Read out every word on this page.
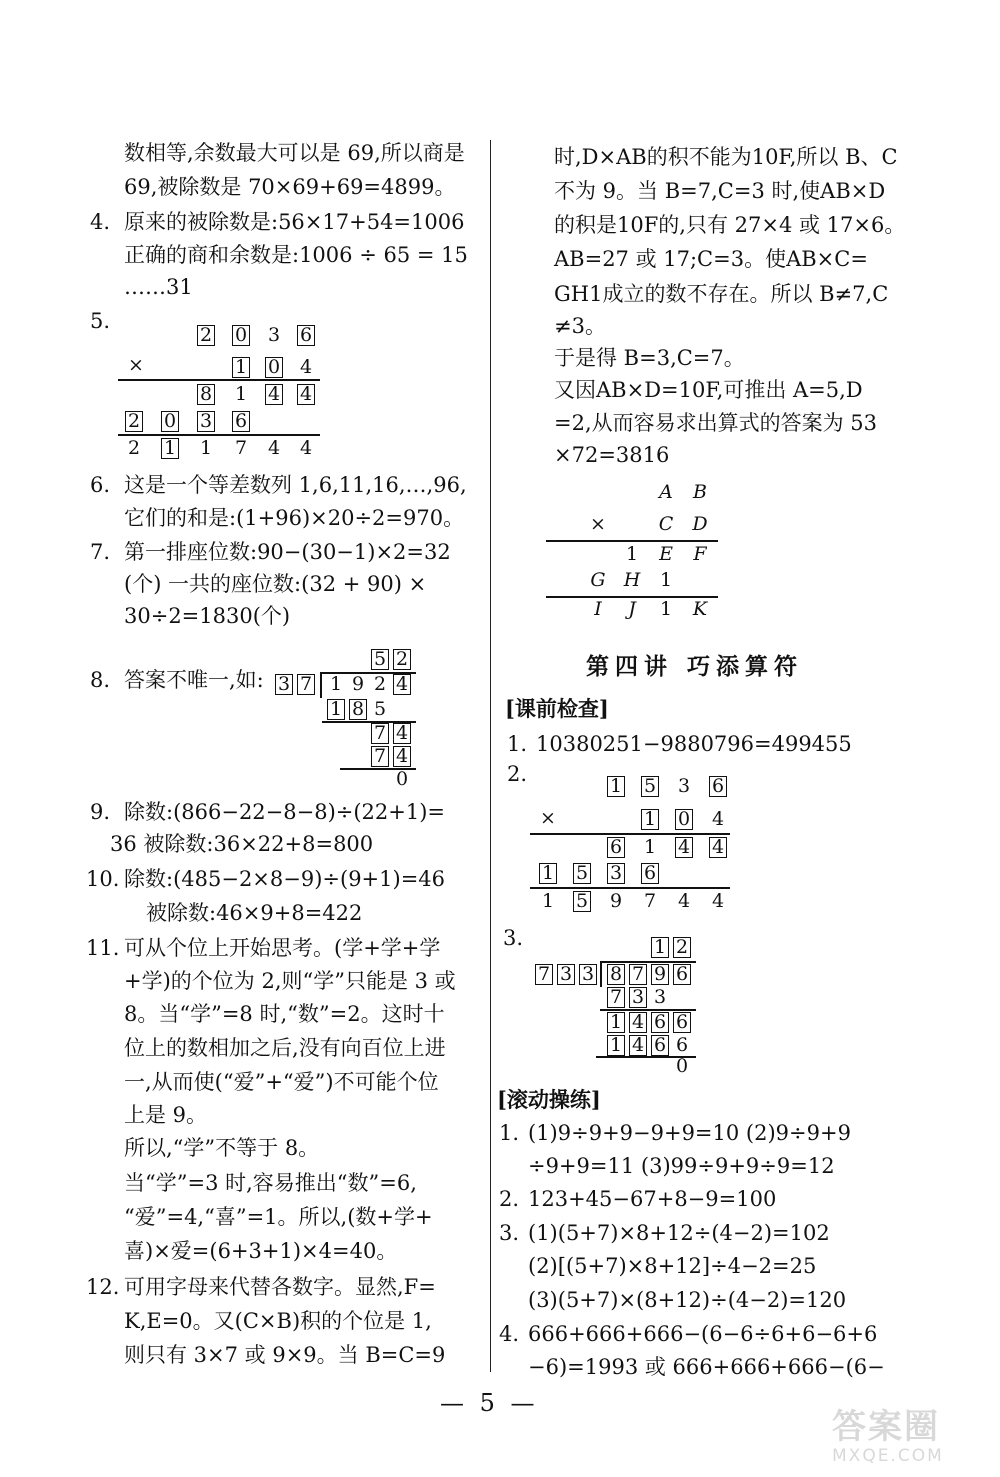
数相等,余数最大可以是 69,所以商是
69,被除数是 70×69+69=4899。
4. 原来的被除数是:56×17+54=1006
正确的商和余数是:1006 ÷ 65 = 15
……31
5.
2 0 3 6
×	1 0 4
8 1 4 4
2 0 3 6
2 1 1 7 4 4
6. 这是一个等差数列 1,6,11,16,…,96,
它们的和是:(1+96)×20÷2=970。
7. 第一排座位数:90−(30−1)×2=32
(个) 一共的座位数:(32 + 90) ×
30÷2=1830(个)
8. 答案不唯一,如:
5 2
3 7 1 9 2 4
1 8 5
7 4
7 4
0
9. 除数:(866−22−8−8)÷(22+1)=
36 被除数:36×22+8=800
10. 除数:(485−2×8−9)÷(9+1)=46
被除数:46×9+8=422
11. 可从个位上开始思考。(学+学+学
+学)的个位为 2,则“学”只能是 3 或
8。当“学”=8 时,“数”=2。这时十
位上的数相加之后,没有向百位上进
一,从而使(“爱”+“爱”)不可能个位
上是 9。
所以,“学”不等于 8。
当“学”=3 时,容易推出“数”=6,
“爱”=4,“喜”=1。所以,(数+学+
喜)×爱=(6+3+1)×4=40。
12. 可用字母来代替各数字。显然,F=
K,E=0。又(C×B)积的个位是 1,
则只有 3×7 或 9×9。当 B=C=9
时,D×AB的积不能为10F,所以 B、C
不为 9。当 B=7,C=3 时,使AB×D
的积是10F的,只有 27×4 或 17×6。
AB=27 或 17;C=3。使AB×C=
GH1成立的数不存在。所以 B≠7,C
≠3。
于是得 B=3,C=7。
又因AB×D=10F,可推出 A=5,D
=2,从而容易求出算式的答案为 53
×72=3816
A B
×	C D
1 E F
G H 1
I	J	1 K
第四讲 巧添算符
[课前检查]
1. 10380251−9880796=499455
2.	1 5 3 6
×	1 0 4
6 1 4 4
1 5 3 6
1 5 9 7 4 4
3.	1 2
7 3 3 8 7 9 6
7 3 3
1 4 6 6
1 4 6 6
0
[滚动操练]
1. (1)9÷9+9−9+9=10 (2)9÷9+9
÷9+9=11 (3)99÷9+9÷9=12
2. 123+45−67+8−9=100
3. (1)(5+7)×8+12÷(4−2)=102
(2)[(5+7)×8+12]÷4−2=25
(3)(5+7)×(8+12)÷(4−2)=120
4. 666+666+666−(6−6÷6+6−6+6
−6)=1993 或 666+666+666−(6−
— 5 —
答案圈
MXQE.COM
